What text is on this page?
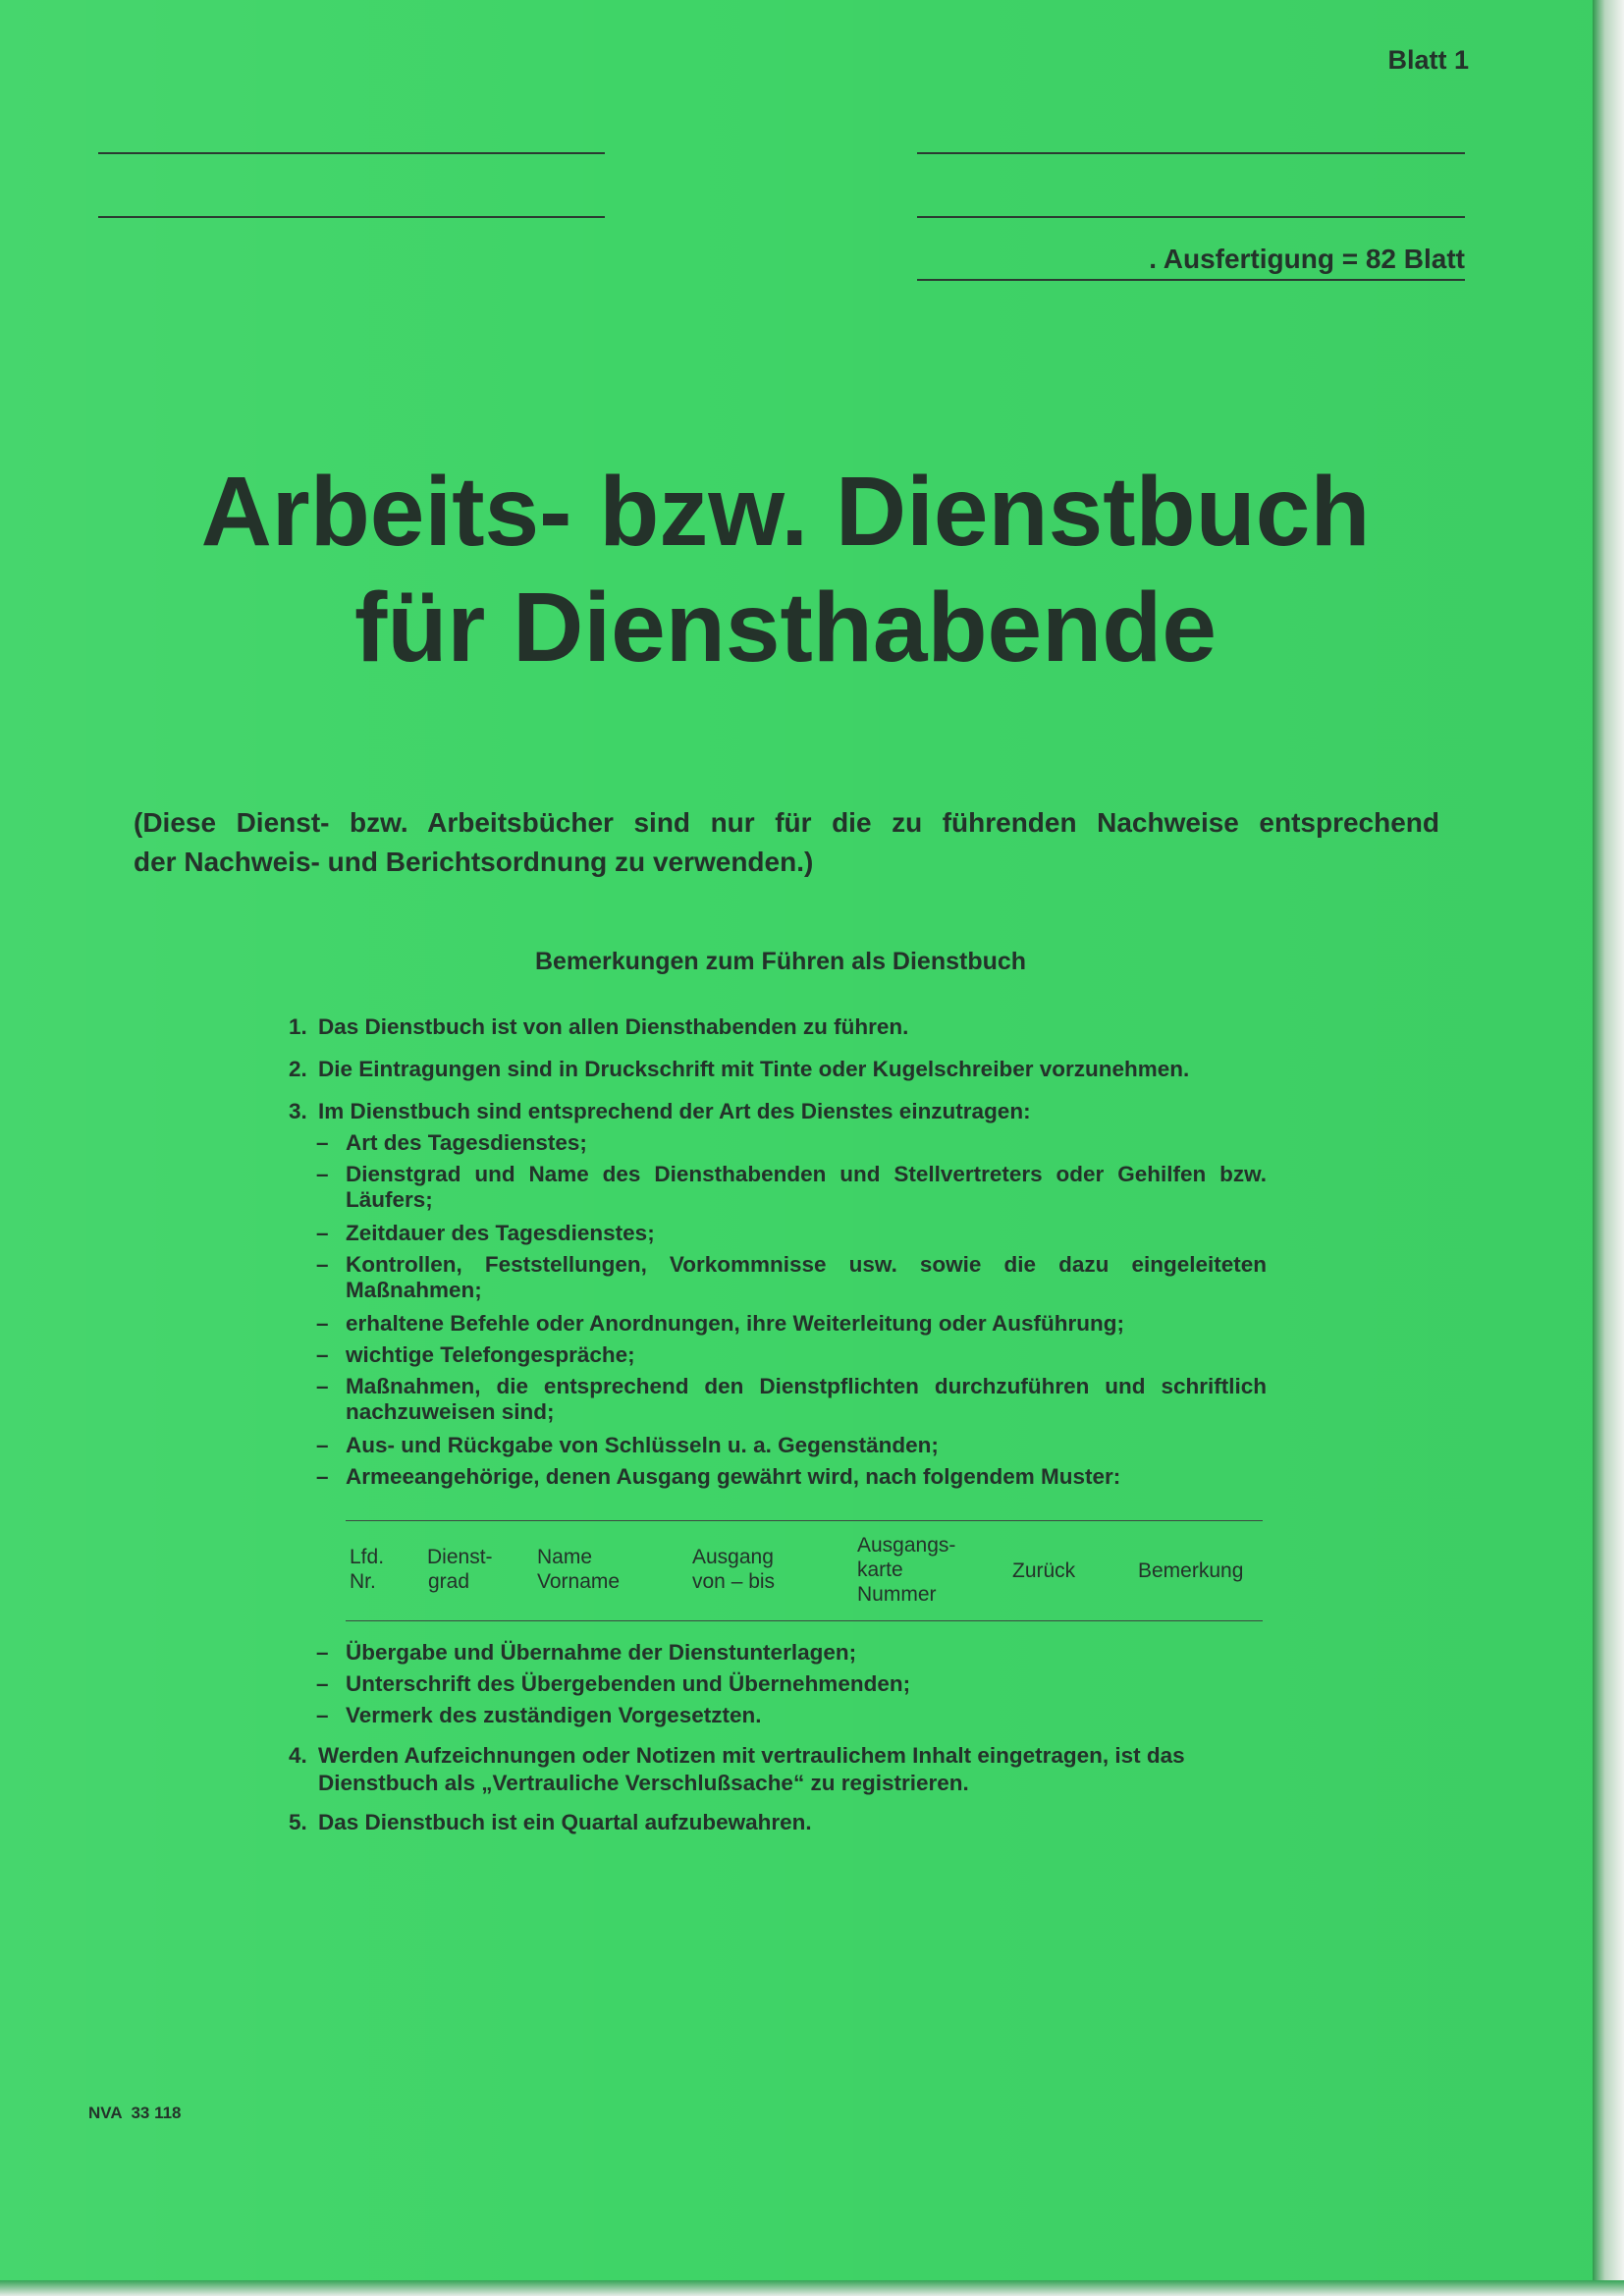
Blatt 1
. Ausfertigung = 82 Blatt
Arbeits- bzw. Dienstbuch
für Diensthabende
(Diese Dienst- bzw. Arbeitsbücher sind nur für die zu führenden Nachweise entsprechend
der Nachweis- und Berichtsordnung zu verwenden.)
Bemerkungen zum Führen als Dienstbuch
1. Das Dienstbuch ist von allen Diensthabenden zu führen.
2. Die Eintragungen sind in Druckschrift mit Tinte oder Kugelschreiber vorzunehmen.
3. Im Dienstbuch sind entsprechend der Art des Dienstes einzutragen:
– Art des Tagesdienstes;
– Dienstgrad und Name des Diensthabenden und Stellvertreters oder Gehilfen bzw. Läufers;
– Zeitdauer des Tagesdienstes;
– Kontrollen, Feststellungen, Vorkommnisse usw. sowie die dazu eingeleiteten Maßnahmen;
– erhaltene Befehle oder Anordnungen, ihre Weiterleitung oder Ausführung;
– wichtige Telefongespräche;
– Maßnahmen, die entsprechend den Dienstpflichten durchzuführen und schriftlich nachzuweisen sind;
– Aus- und Rückgabe von Schlüsseln u. a. Gegenständen;
– Armeeangehörige, denen Ausgang gewährt wird, nach folgendem Muster:
Lfd.
Nr.
Dienst-
grad
Name
Vorname
Ausgang
von – bis
Ausgangs-
karte
Nummer
Zurück	Bemerkung
– Übergabe und Übernahme der Dienstunterlagen;
– Unterschrift des Übergebenden und Übernehmenden;
– Vermerk des zuständigen Vorgesetzten.
4. Werden Aufzeichnungen oder Notizen mit vertraulichem Inhalt eingetragen, ist das
Dienstbuch als „Vertrauliche Verschlußsache“ zu registrieren.
5. Das Dienstbuch ist ein Quartal aufzubewahren.
NVA  33 118
